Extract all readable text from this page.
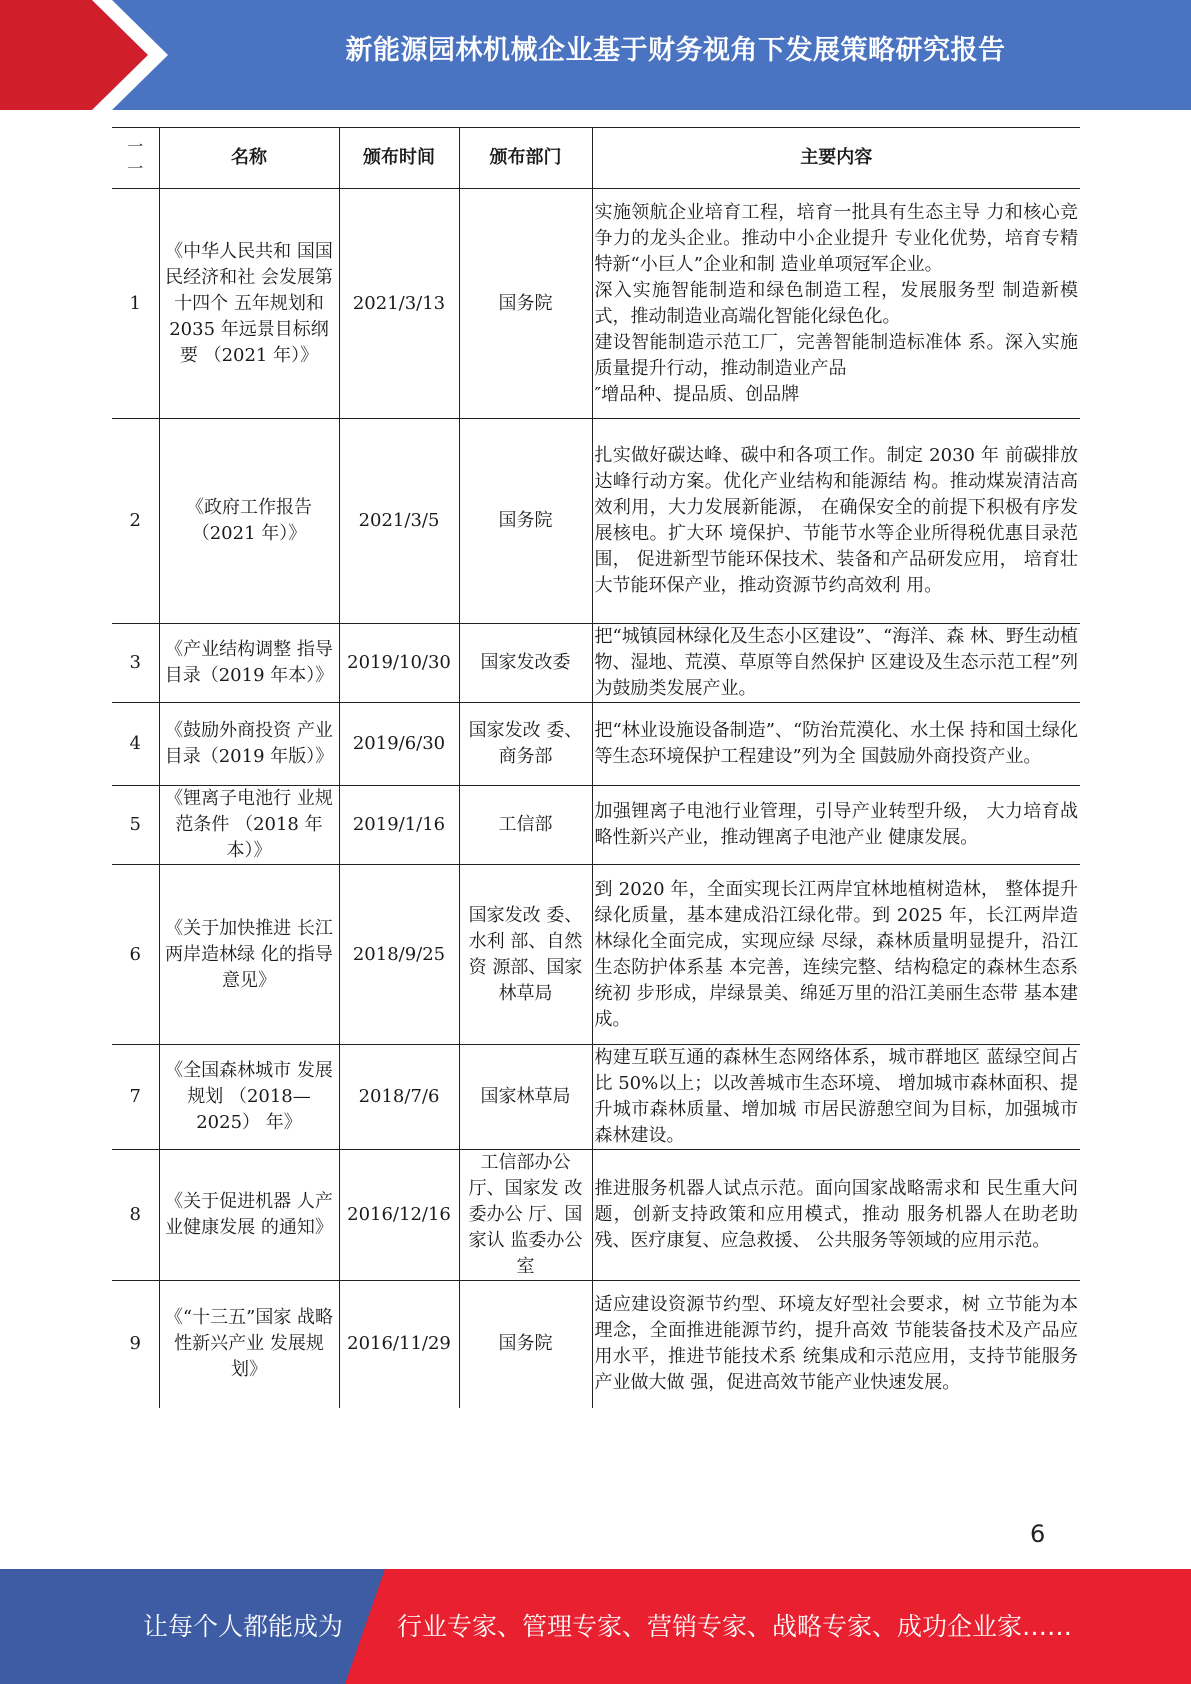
新能源园林机械企业基于财务视角下发展策略研究报告
一
一	名称	颁布时间	颁布部门	主要内容
1	《中华人民共和 国国民经济和社 会发展第十四个 五年规划和 2035 年远景目标纲要 （2021 年）》	2021/3/13	国务院	实施领航企业培育工程，培育一批具有生态主导 力和核心竞争力的龙头企业。推动中小企业提升 专业化优势，培育专精特新“小巨人”企业和制 造业单项冠军企业。
深入实施智能制造和绿色制造工程，发展服务型 制造新模式，推动制造业高端化智能化绿色化。
建设智能制造示范工厂，完善智能制造标准体 系。深入实施质量提升行动，推动制造业产品
″增品种、提品质、创品牌

2	《政府工作报告 （2021 年）》	2021/3/5	国务院	扎实做好碳达峰、碳中和各项工作。制定 2030 年 前碳排放达峰行动方案。优化产业结构和能源结 构。推动煤炭清洁高效利用，大力发展新能源， 在确保安全的前提下积极有序发展核电。扩大环 境保护、节能节水等企业所得税优惠目录范围， 促进新型节能环保技术、装备和产品研发应用， 培育壮大节能环保产业，推动资源节约高效利 用。

3	《产业结构调整 指导目录（2019 年本）》	2019/10/30	国家发改委	把“城镇园林绿化及生态小区建设”、“海洋、森 林、野生动植物、湿地、荒漠、草原等自然保护 区建设及生态示范工程”列为鼓励类发展产业。

4	《鼓励外商投资 产业目录（2019 年版）》	2019/6/30	国家发改 委、商务部	把“林业设施设备制造”、“防治荒漠化、水土保 持和国土绿化等生态环境保护工程建设”列为全 国鼓励外商投资产业。

5	《锂离子电池行 业规范条件 （2018 年本）》	2019/1/16	工信部	加强锂离子电池行业管理，引导产业转型升级， 大力培育战略性新兴产业，推动锂离子电池产业 健康发展。

6	《关于加快推进 长江两岸造林绿 化的指导意见》	2018/9/25	国家发改 委、水利 部、自然资 源部、国家 林草局	到 2020 年，全面实现长江两岸宜林地植树造林， 整体提升绿化质量，基本建成沿江绿化带。到 2025 年，长江两岸造林绿化全面完成，实现应绿 尽绿，森林质量明显提升，沿江生态防护体系基 本完善，连续完整、结构稳定的森林生态系统初 步形成，岸绿景美、绵延万里的沿江美丽生态带 基本建成。

7	《全国森林城市 发展规划 （2018—2025） 年》	2018/7/6	国家林草局	构建互联互通的森林生态网络体系，城市群地区 蓝绿空间占比 50%以上；以改善城市生态环境、 增加城市森林面积、提升城市森林质量、增加城 市居民游憩空间为目标，加强城市森林建设。

8	《关于促进机器 人产业健康发展 的通知》	2016/12/16	工信部办公 厅、国家发 改委办公 厅、国家认 监委办公室	推进服务机器人试点示范。面向国家战略需求和 民生重大问题，创新支持政策和应用模式，推动 服务机器人在助老助残、医疗康复、应急救援、 公共服务等领域的应用示范。

9	《“十三五”国家 战略性新兴产业 发展规划》	2016/11/29	国务院	适应建设资源节约型、环境友好型社会要求，树 立节能为本理念，全面推进能源节约，提升高效 节能装备技术及产品应用水平，推进节能技术系 统集成和示范应用，支持节能服务产业做大做 强，促进高效节能产业快速发展。
6
让每个人都能成为 行业专家、管理专家、营销专家、战略专家、成功企业家……
